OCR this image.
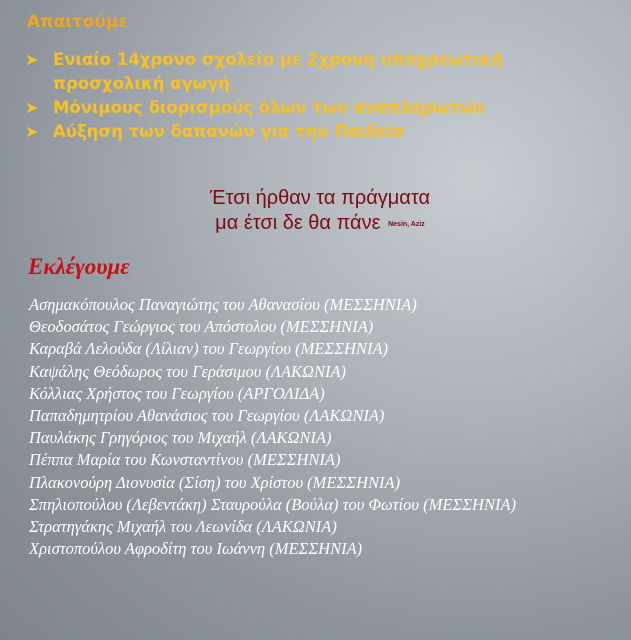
Απαιτούμε
➤ Ενιαίο 14χρονο σχολείο με 2χρονη υποχρεωτική προσχολική αγωγή
➤ Μόνιμους διορισμούς όλων των αναπληρωτών
➤ Αύξηση των δαπανών για την Παιδεία
Έτσι ήρθαν τα πράγματα
μα έτσι δε θα πάνε Nesin, Aziz
Εκλέγουμε
Ασημακόπουλος Παναγιώτης του Αθανασίου (ΜΕΣΣΗΝΙΑ)
Θεοδοσάτος Γεώργιος του Απόστολου (ΜΕΣΣΗΝΙΑ)
Καραβά Λελούδα (Λίλιαν) του Γεωργίου (ΜΕΣΣΗΝΙΑ)
Καψάλης Θεόδωρος του Γεράσιμου (ΛΑΚΩΝΙΑ)
Κόλλιας Χρήστος του Γεωργίου (ΑΡΓΟΛΙΔΑ)
Παπαδημητρίου Αθανάσιος του Γεωργίου (ΛΑΚΩΝΙΑ)
Παυλάκης Γρηγόριος του Μιχαήλ (ΛΑΚΩΝΙΑ)
Πέππα Μαρία του Κωνσταντίνου (ΜΕΣΣΗΝΙΑ)
Πλακονούρη Διονυσία (Σίση) του Χρίστου (ΜΕΣΣΗΝΙΑ)
Σπηλιοπούλου (Λεβεντάκη) Σταυρούλα (Βούλα) του Φωτίου (ΜΕΣΣΗΝΙΑ)
Στρατηγάκης Μιχαήλ του Λεωνίδα (ΛΑΚΩΝΙΑ)
Χριστοπούλου Αφροδίτη του Ιωάννη (ΜΕΣΣΗΝΙΑ)
